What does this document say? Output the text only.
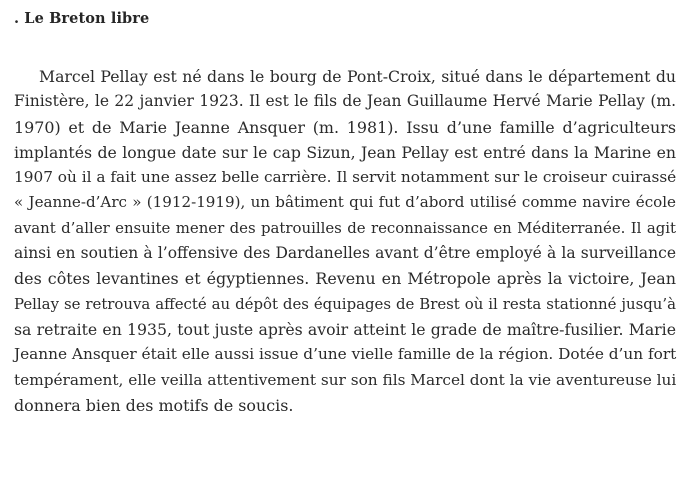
. Le Breton libre
Marcel Pellay est né dans le bourg de Pont-Croix, situé dans le département du
Finistère, le 22 janvier 1923. Il est le fils de Jean Guillaume Hervé Marie Pellay (m.
1970) et de Marie Jeanne Ansquer (m. 1981). Issu d’une famille d’agriculteurs
implantés de longue date sur le cap Sizun, Jean Pellay est entré dans la Marine en
1907 où il a fait une assez belle carrière. Il servit notamment sur le croiseur cuirassé
« Jeanne-d’Arc » (1912-1919), un bâtiment qui fut d’abord utilisé comme navire école
avant d’aller ensuite mener des patrouilles de reconnaissance en Méditerranée. Il agit
ainsi en soutien à l’offensive des Dardanelles avant d’être employé à la surveillance
des côtes levantines et égyptiennes. Revenu en Métropole après la victoire, Jean
Pellay se retrouva affecté au dépôt des équipages de Brest où il resta stationné jusqu’à
sa retraite en 1935, tout juste après avoir atteint le grade de maître-fusilier. Marie
Jeanne Ansquer était elle aussi issue d’une vielle famille de la région. Dotée d’un fort
tempérament, elle veilla attentivement sur son fils Marcel dont la vie aventureuse lui
donnera bien des motifs de soucis.
